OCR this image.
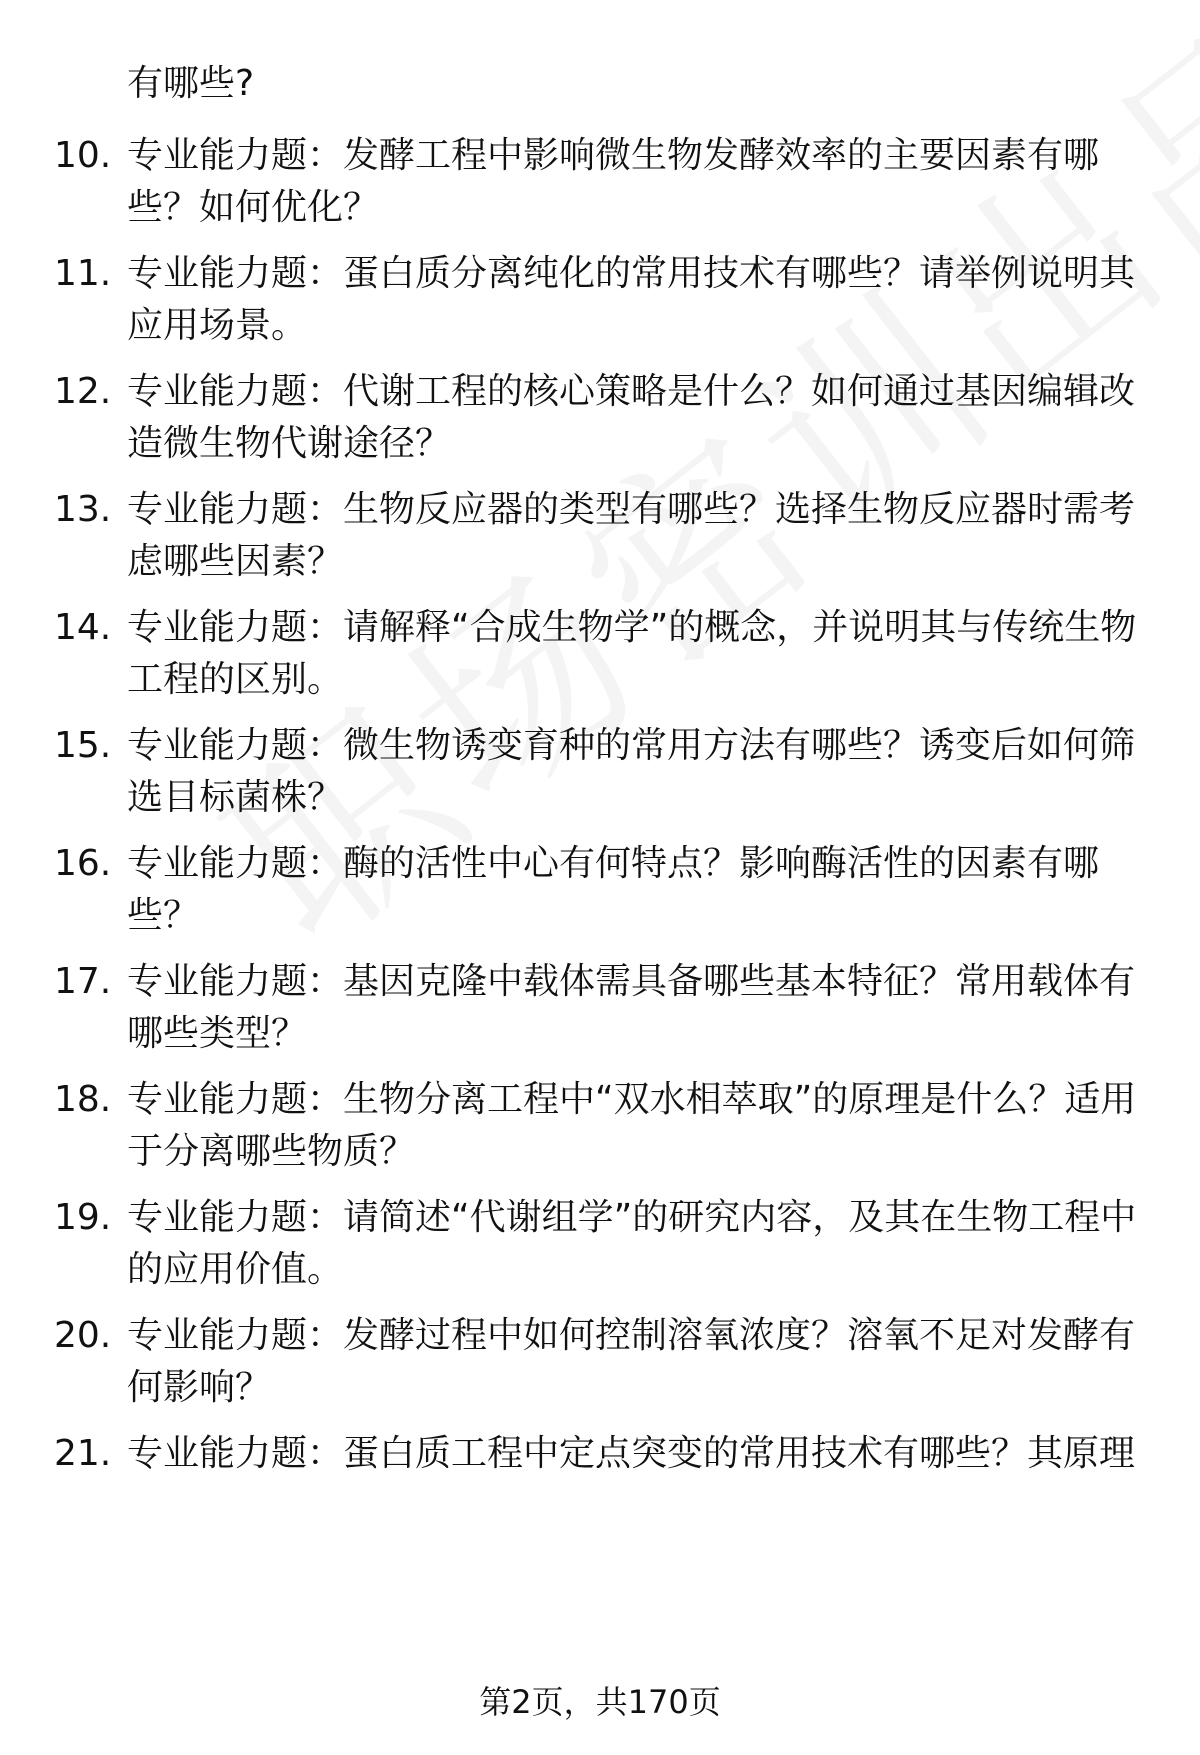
有哪些?
10. 专业能力题：发酵工程中影响微生物发酵效率的主要因素有哪些？如何优化？
11. 专业能力题：蛋白质分离纯化的常用技术有哪些？请举例说明其应用场景。
12. 专业能力题：代谢工程的核心策略是什么？如何通过基因编辑改造微生物代谢途径？
13. 专业能力题：生物反应器的类型有哪些？选择生物反应器时需考虑哪些因素？
14. 专业能力题：请解释“合成生物学”的概念，并说明其与传统生物工程的区别。
15. 专业能力题：微生物诱变育种的常用方法有哪些？诱变后如何筛选目标菌株？
16. 专业能力题：酶的活性中心有何特点？影响酶活性的因素有哪些？
17. 专业能力题：基因克隆中载体需具备哪些基本特征？常用载体有哪些类型？
18. 专业能力题：生物分离工程中“双水相萃取”的原理是什么？适用于分离哪些物质？
19. 专业能力题：请简述“代谢组学”的研究内容，及其在生物工程中的应用价值。
20. 专业能力题：发酵过程中如何控制溶氧浓度？溶氧不足对发酵有何影响？
21. 专业能力题：蛋白质工程中定点突变的常用技术有哪些？其原理
第2页，共170页
